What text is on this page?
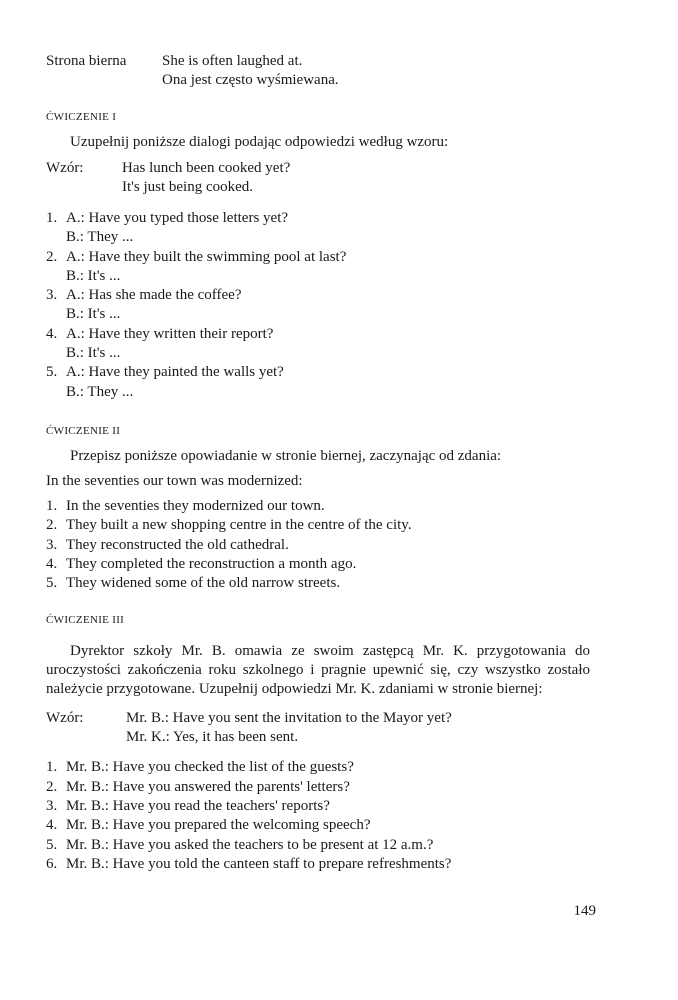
Strona bierna	She is often laughed at.
Ona jest często wyśmiewana.
ĆWICZENIE I

Uzupełnij poniższe dialogi podając odpowiedzi według wzoru:

Wzór:	Has lunch been cooked yet?
It's just being cooked.
1. A.: Have you typed those letters yet?
B.: They ...
2. A.: Have they built the swimming pool at last?
B.: It's ...
3. A.: Has she made the coffee?
B.: It's ...
4. A.: Have they written their report?
B.: It's ...
5. A.: Have they painted the walls yet?
B.: They ...
ĆWICZENIE II

Przepisz poniższe opowiadanie w stronie biernej, zaczynając od zdania:

In the seventies our town was modernized:
1. In the seventies they modernized our town.
2. They built a new shopping centre in the centre of the city.
3. They reconstructed the old cathedral.
4. They completed the reconstruction a month ago.
5. They widened some of the old narrow streets.
ĆWICZENIE III

Dyrektor szkoły Mr. B. omawia ze swoim zastępcą Mr. K. przygotowania do uroczystości zakończenia roku szkolnego i pragnie upewnić się, czy wszystko zostało należycie przygotowane. Uzupełnij odpowiedzi Mr. K. zdaniami w stronie biernej:

Wzór:	Mr. B.: Have you sent the invitation to the Mayor yet?
Mr. K.: Yes, it has been sent.
1. Mr. B.: Have you checked the list of the guests?
2. Mr. B.: Have you answered the parents' letters?
3. Mr. B.: Have you read the teachers' reports?
4. Mr. B.: Have you prepared the welcoming speech?
5. Mr. B.: Have you asked the teachers to be present at 12 a.m.?
6. Mr. B.: Have you told the canteen staff to prepare refreshments?
149
